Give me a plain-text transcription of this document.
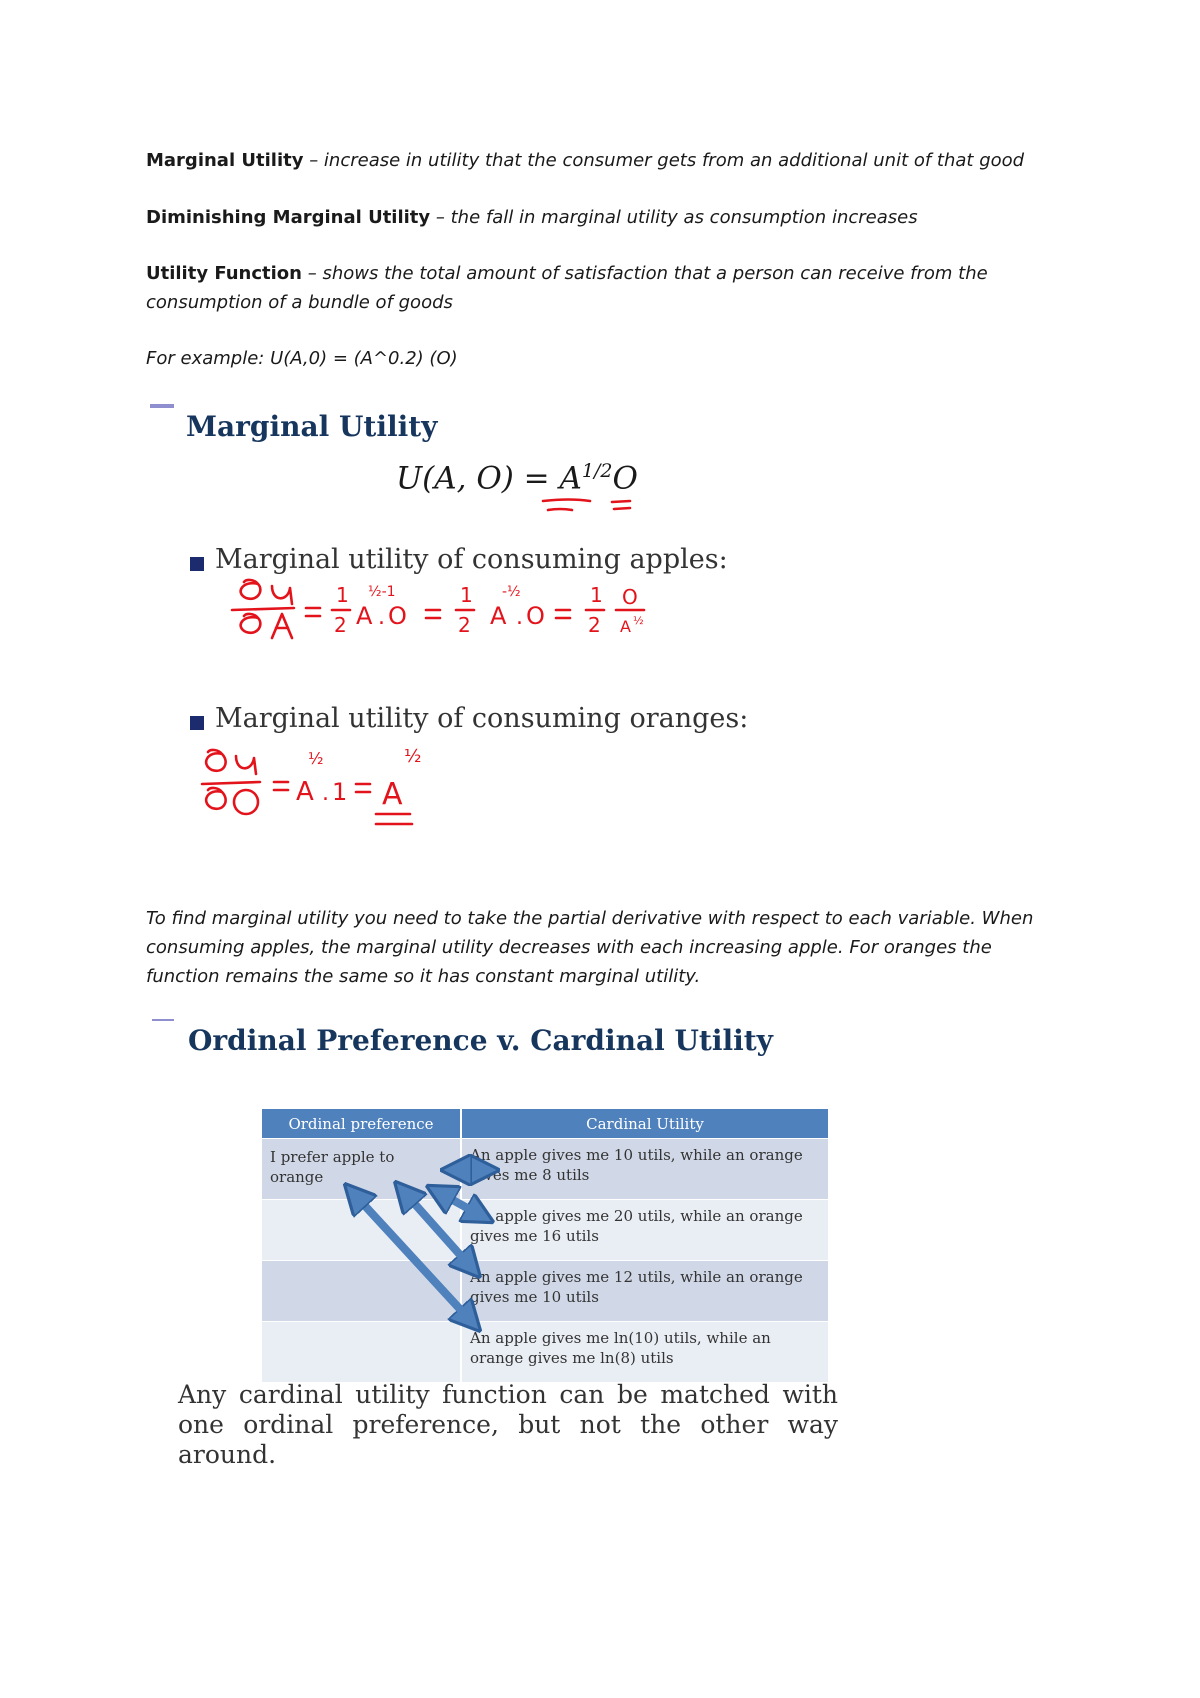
Marginal Utility – increase in utility that the consumer gets from an additional unit of that good
Diminishing Marginal Utility – the fall in marginal utility as consumption increases
Utility Function – shows the total amount of satisfaction that a person can receive from the consumption of a bundle of goods
For example: U(A,0) = (A^0.2) (O)
Marginal Utility
U(A, $O) = A^{1/2}O$
Marginal utility of consuming apples:
1
2 A
½-1
. O
1
2 A
-½
. O
1
2
O
A ½
Marginal utility of consuming oranges:
A
½
. 1 A
½
To find marginal utility you need to take the partial derivative with respect to each variable. When consuming apples, the marginal utility decreases with each increasing apple. For oranges the function remains the same so it has constant marginal utility.
Ordinal Preference v. Cardinal Utility
Ordinal preference	Cardinal Utility
I prefer apple to orange	An apple gives me 10 utils, while an orange gives me 8 utils
	An apple gives me 20 utils, while an orange gives me 16 utils
	An apple gives me 12 utils, while an orange gives me 10 utils
	An apple gives me ln(10) utils, while an orange gives me ln(8) utils
Any cardinal utility function can be matched with one ordinal preference, but not the other way around.
